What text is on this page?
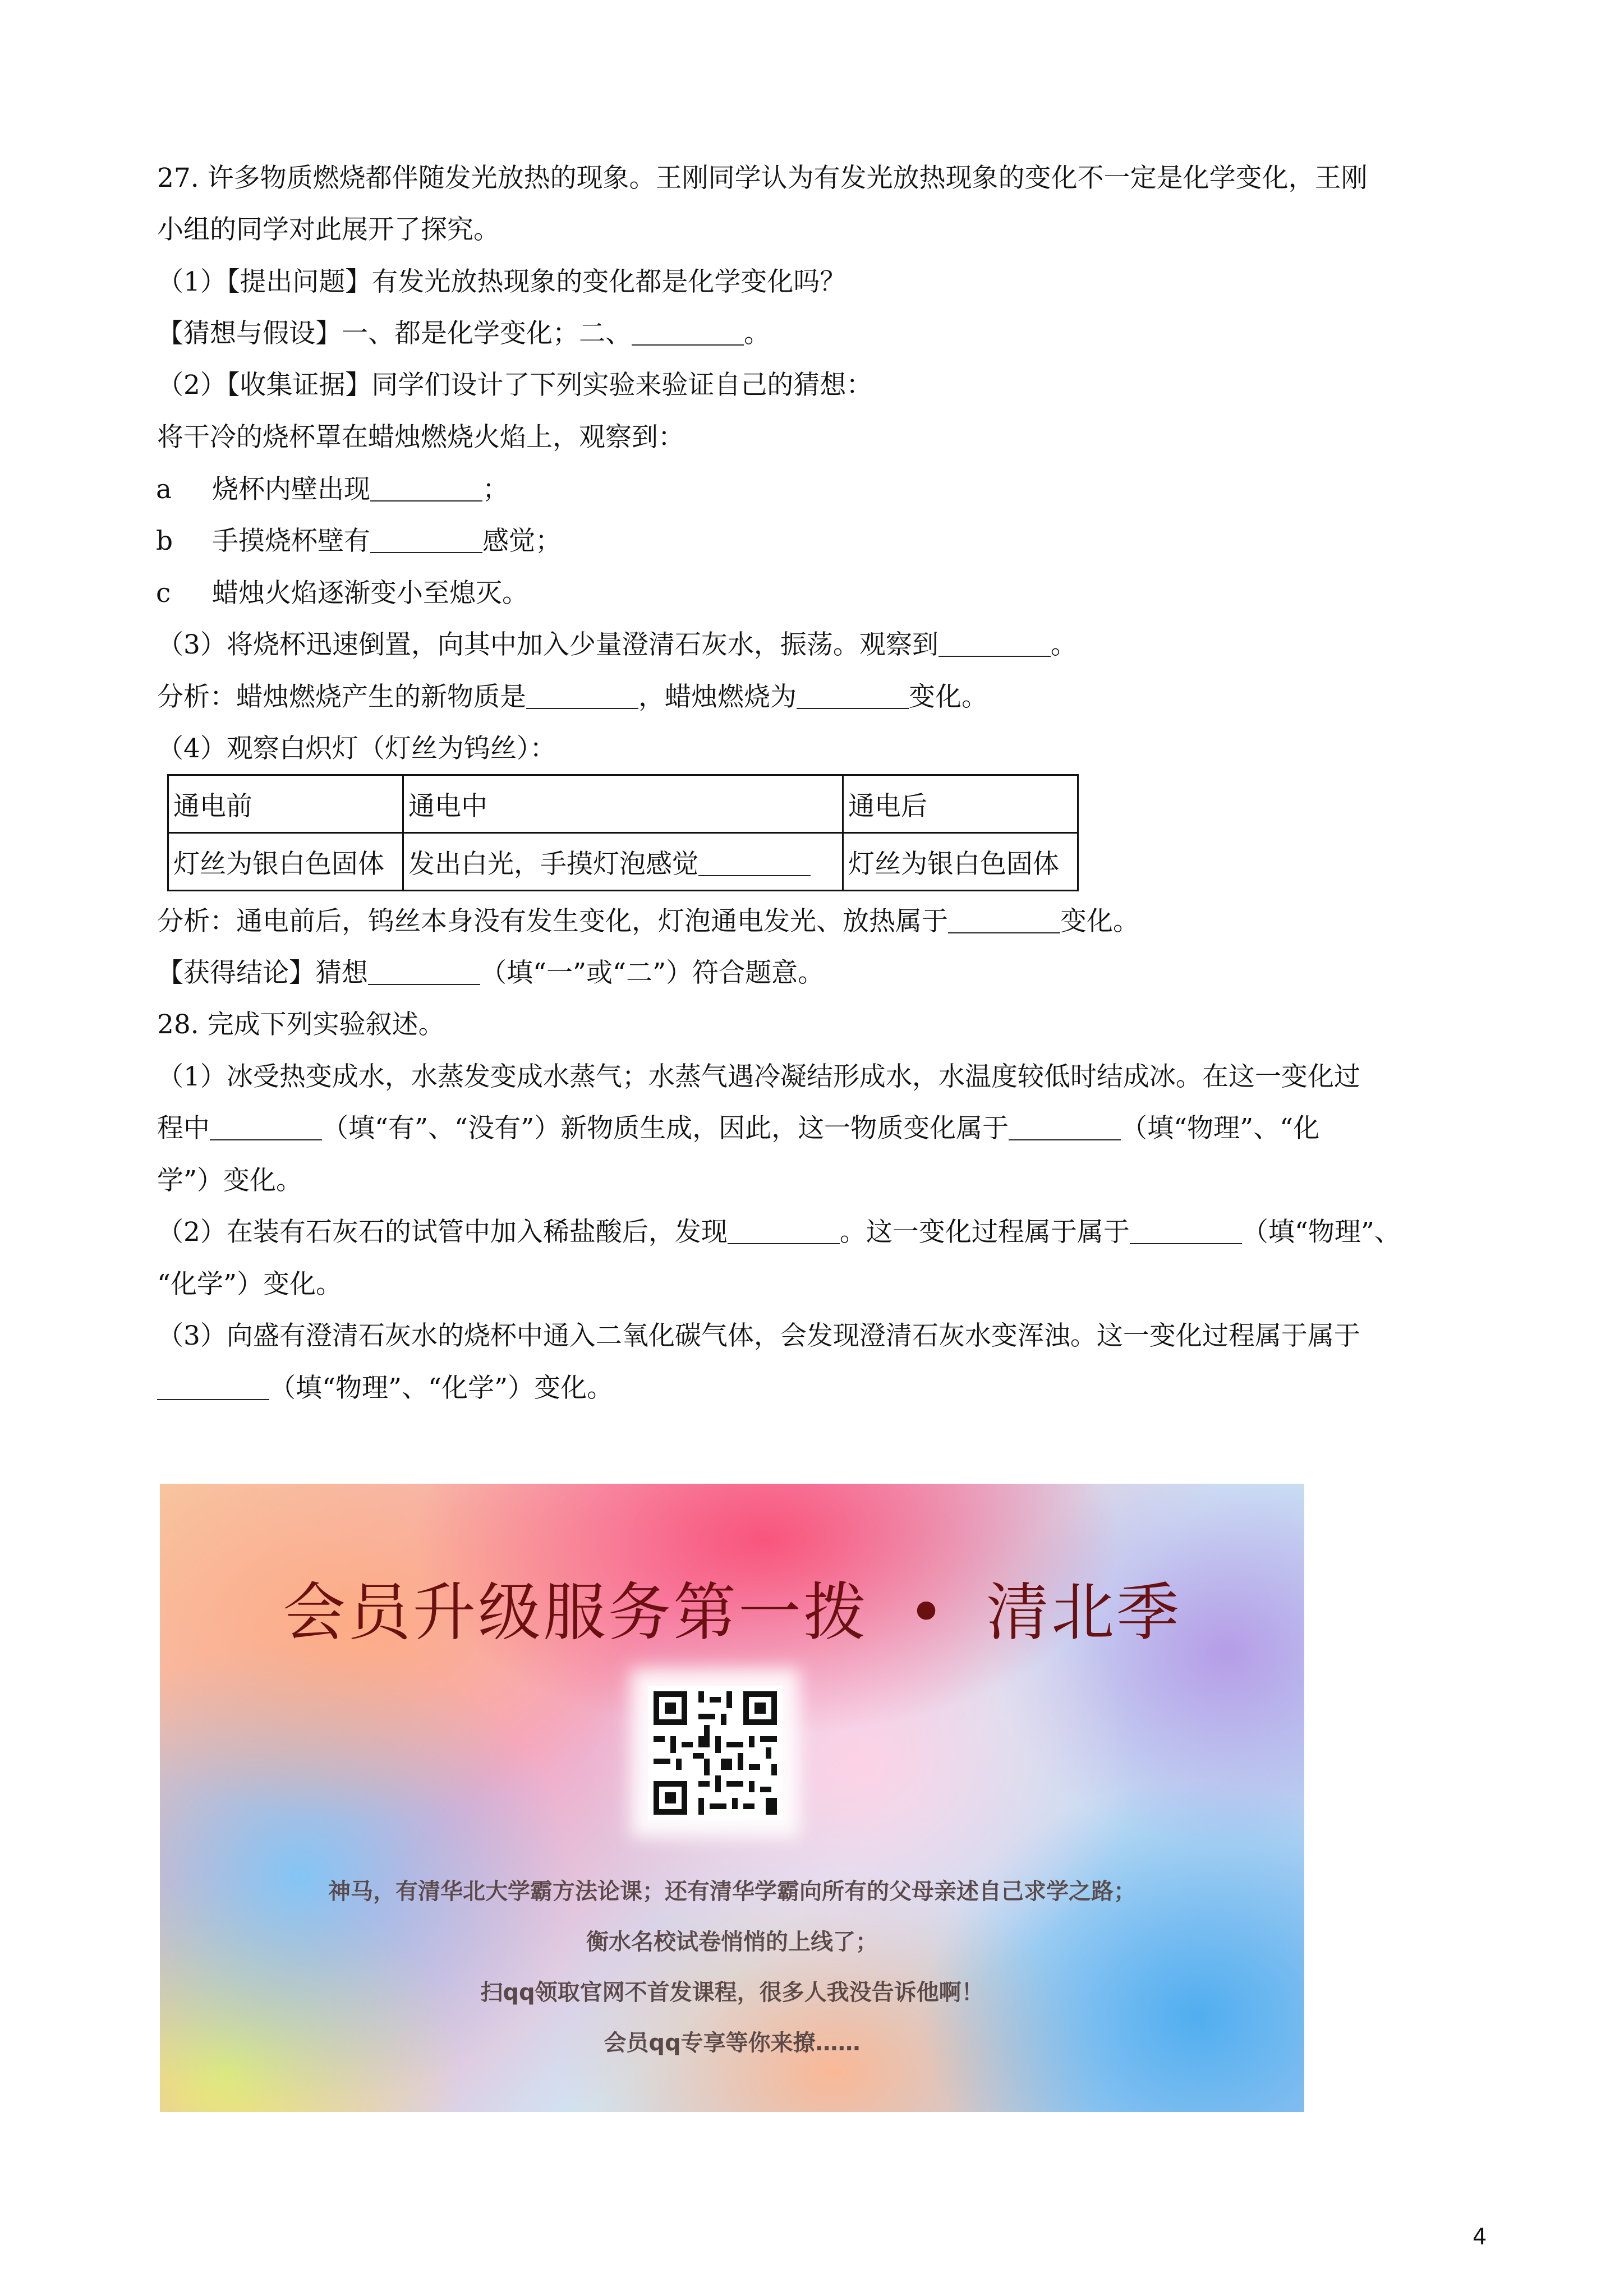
27. 许多物质燃烧都伴随发光放热的现象。王刚同学认为有发光放热现象的变化不一定是化学变化，王刚
小组的同学对此展开了探究。
（1）【提出问题】有发光放热现象的变化都是化学变化吗？
【猜想与假设】一、都是化学变化；二、	。
（2）【收集证据】同学们设计了下列实验来验证自己的猜想：
将干冷的烧杯罩在蜡烛燃烧火焰上，观察到：
a 烧杯内壁出现	；
b 手摸烧杯壁有	感觉；
c 蜡烛火焰逐渐变小至熄灭。
（3）将烧杯迅速倒置，向其中加入少量澄清石灰水，振荡。观察到	。
分析：蜡烛燃烧产生的新物质是	，蜡烛燃烧为	变化。
（4）观察白炽灯（灯丝为钨丝）：
通电前	通电中	通电后
灯丝为银白色固体	发出白光，手摸灯泡感觉	灯丝为银白色固体
分析：通电前后，钨丝本身没有发生变化，灯泡通电发光、放热属于	变化。
【获得结论】猜想	（填“一”或“二”）符合题意。
28. 完成下列实验叙述。
（1）冰受热变成水，水蒸发变成水蒸气；水蒸气遇冷凝结形成水，水温度较低时结成冰。在这一变化过
程中	（填“有”、“没有”）新物质生成，因此，这一物质变化属于	（填“物理”、“化
学”）变化。
（2）在装有石灰石的试管中加入稀盐酸后，发现	。这一变化过程属于属于	（填“物理”、
“化学”）变化。
（3）向盛有澄清石灰水的烧杯中通入二氧化碳气体，会发现澄清石灰水变浑浊。这一变化过程属于属于
（填“物理”、“化学”）变化。
会员升级服务第一拨 • 清北季
神马，有清华北大学霸方法论课；还有清华学霸向所有的父母亲述自己求学之路；
衡水名校试卷悄悄的上线了；
扫qq领取官网不首发课程，很多人我没告诉他啊！
会员qq专享等你来撩……
4
